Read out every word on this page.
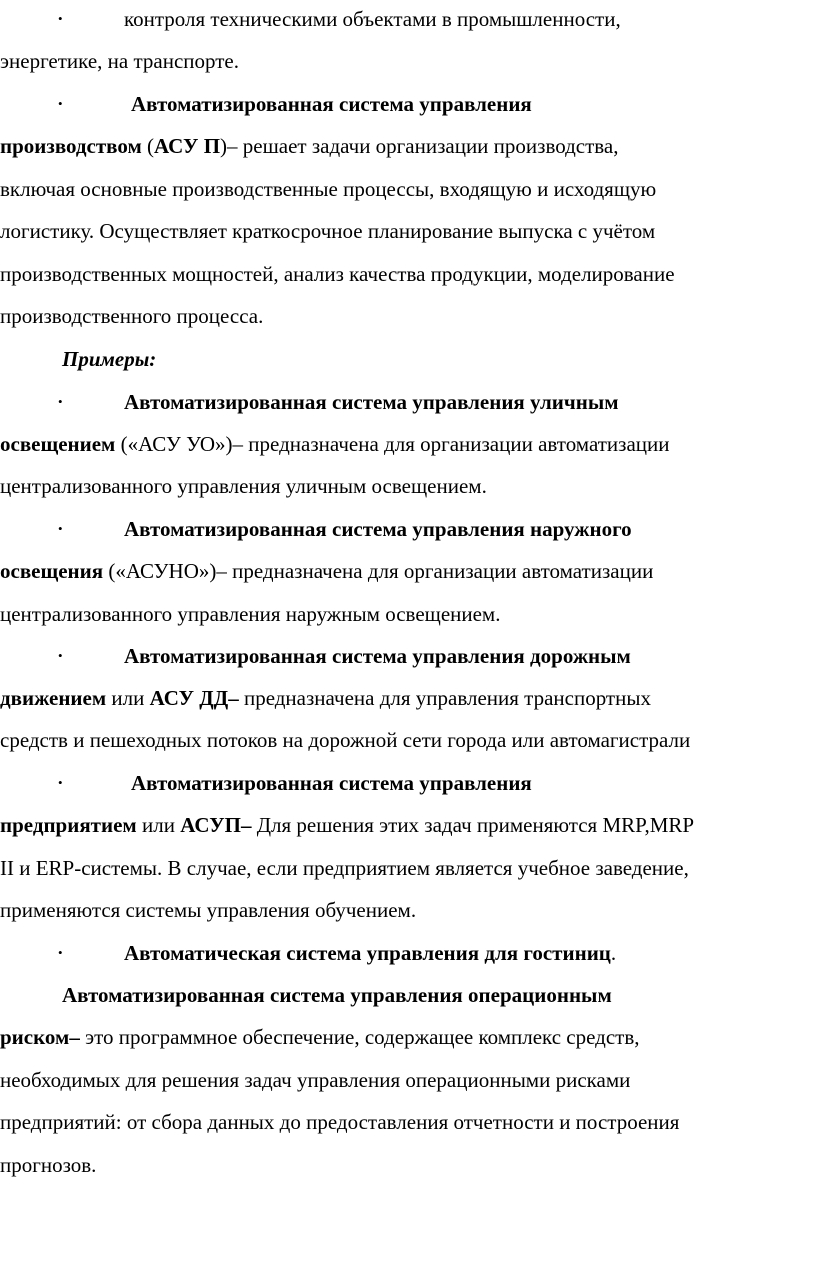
•	контроля техническими объектами в промышленности,
энергетике, на транспорте.
•	Автоматизированная система управления
производством (АСУ П)– решает задачи организации производства,
включая основные производственные процессы, входящую и исходящую
логистику. Осуществляет краткосрочное планирование выпуска с учётом
производственных мощностей, анализ качества продукции, моделирование
производственного процесса.
Примеры:
•	Автоматизированная система управления уличным
освещением («АСУ УО»)– предназначена для организации автоматизации
централизованного управления уличным освещением.
•	Автоматизированная система управления наружного
освещения («АСУНО»)– предназначена для организации автоматизации
централизованного управления наружным освещением.
•	Автоматизированная система управления дорожным
движением или АСУ ДД– предназначена для управления транспортных
средств и пешеходных потоков на дорожной сети города или автомагистрали
•	Автоматизированная система управления
предприятием или АСУП– Для решения этих задач применяются MRP,MRP
II и ERP-системы. В случае, если предприятием является учебное заведение,
применяются системы управления обучением.
•	Автоматическая система управления для гостиниц.
Автоматизированная система управления операционным
риском– это программное обеспечение, содержащее комплекс средств,
необходимых для решения задач управления операционными рисками
предприятий: от сбора данных до предоставления отчетности и построения
прогнозов.
